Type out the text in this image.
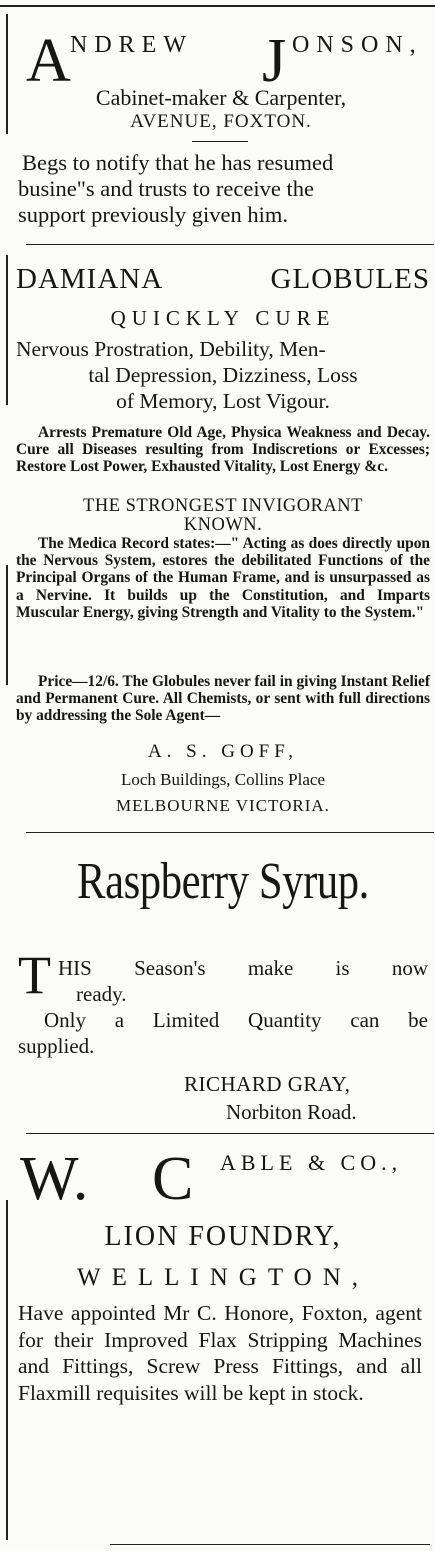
A NDREW J ONSON,
Cabinet-maker & Carpenter,
AVENUE, FOXTON.
Begs to notify that he has resumed
busine"s and trusts to receive the
support previously given him.
DAMIANA	GLOBULES
QUICKLY CURE
Nervous Prostration, Debility, Men-
tal Depression, Dizziness, Loss
of Memory, Lost Vigour.
Arrests Premature Old Age, Physica Weakness and Decay. Cure all Diseases resulting from Indiscretions or Excesses; Restore Lost Power, Exhausted Vitality, Lost Energy &c.
THE STRONGEST INVIGORANT
KNOWN.
The Medica Record states:—" Acting as does directly upon the Nervous System, estores the debilitated Functions of the Principal Organs of the Human Frame, and is unsurpassed as a Nervine. It builds up the Constitution, and Imparts Muscular Energy, giving Strength and Vitality to the System."
Price—12/6. The Globules never fail in giving Instant Relief and Permanent Cure. All Chemists, or sent with full directions by addressing the Sole Agent—
A. S. GOFF,
Loch Buildings, Collins Place
MELBOURNE VICTORIA.
Raspberry Syrup.
T HIS Season's make is now
ready.
Only a Limited Quantity can be
supplied.
RICHARD GRAY,
Norbiton Road.
W. C ABLE & CO.,
LION FOUNDRY,
WELLINGTON,
Have appointed Mr C. Honore, Foxton, agent for their Improved Flax Stripping Machines and Fittings, Screw Press Fittings, and all Flaxmill requisites will be kept in stock.
